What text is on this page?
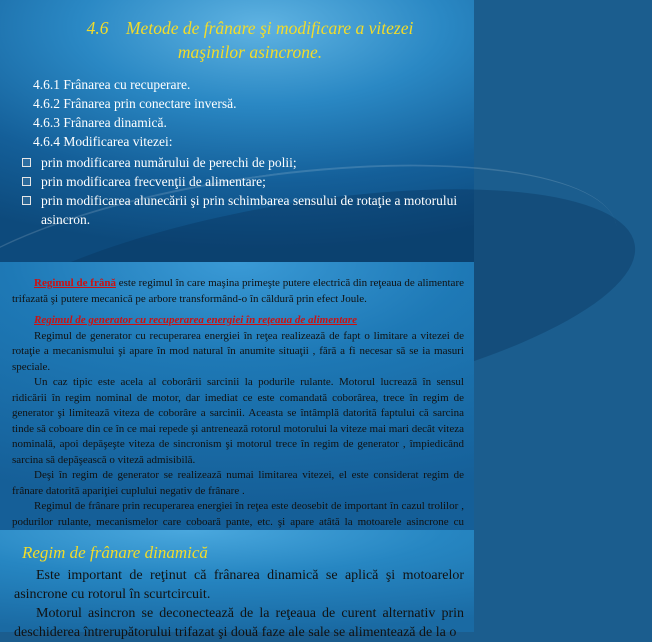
4.6    Metode de frânare şi modificare a vitezei maşinilor asincrone.
4.6.1 Frânarea cu recuperare.
4.6.2 Frânarea prin conectare inversă.
4.6.3 Frânarea dinamică.
4.6.4 Modificarea vitezei:
prin modificarea numărului de perechi de polii;
prin modificarea frecvenţii de alimentare;
prin modificarea alunecării şi prin schimbarea sensului de rotaţie a motorului asincron.

Regimul de frână este regimul în care maşina primeşte putere electrică din reţeaua de alimentare trifazată şi putere mecanică pe arbore transformând-o în căldură prin efect Joule.

Regimul de generator cu recuperarea energiei în reţeaua de alimentare

Regimul de generator cu recuperarea energiei în reţea realizează de fapt o limitare a vitezei de rotaţie a mecanismului şi apare în mod natural în anumite situaţii , fără a fi necesar să se ia masuri speciale.

Un caz tipic este acela al coborârii sarcinii la podurile rulante. Motorul lucrează în sensul ridicării în regim nominal de motor, dar imediat ce este comandată coborârea, trece în regim de generator şi limitează viteza de coborâre a sarcinii. Aceasta se întâmplă datorită faptului că sarcina tinde să coboare din ce în ce mai repede şi antrenează rotorul motorului la viteze mai mari decât viteza nominală, apoi depăşeşte viteza de sincronism şi motorul trece în regim de generator , împiedicând sarcina să depăşească o viteză admisibilă.

Deşi în regim de generator se realizează numai limitarea vitezei, el este considerat regim de frânare datorită apariţiei cuplului negativ de frânare .

Regimul de frânare prin recuperarea energiei în reţea este deosebit de important în cazul trolilor , podurilor rulante, mecanismelor care coboară pante, etc. şi apare atâtă la motoarele asincrone cu

Regim de frânare dinamică

Este important de reţinut că frânarea dinamică se aplică şi motoarelor asincrone cu rotorul în scurtcircuit.

Motorul asincron se deconectează de la reţeaua de curent alternativ prin deschiderea întrerupătorului trifazat şi două faze ale sale se alimentează de la o
